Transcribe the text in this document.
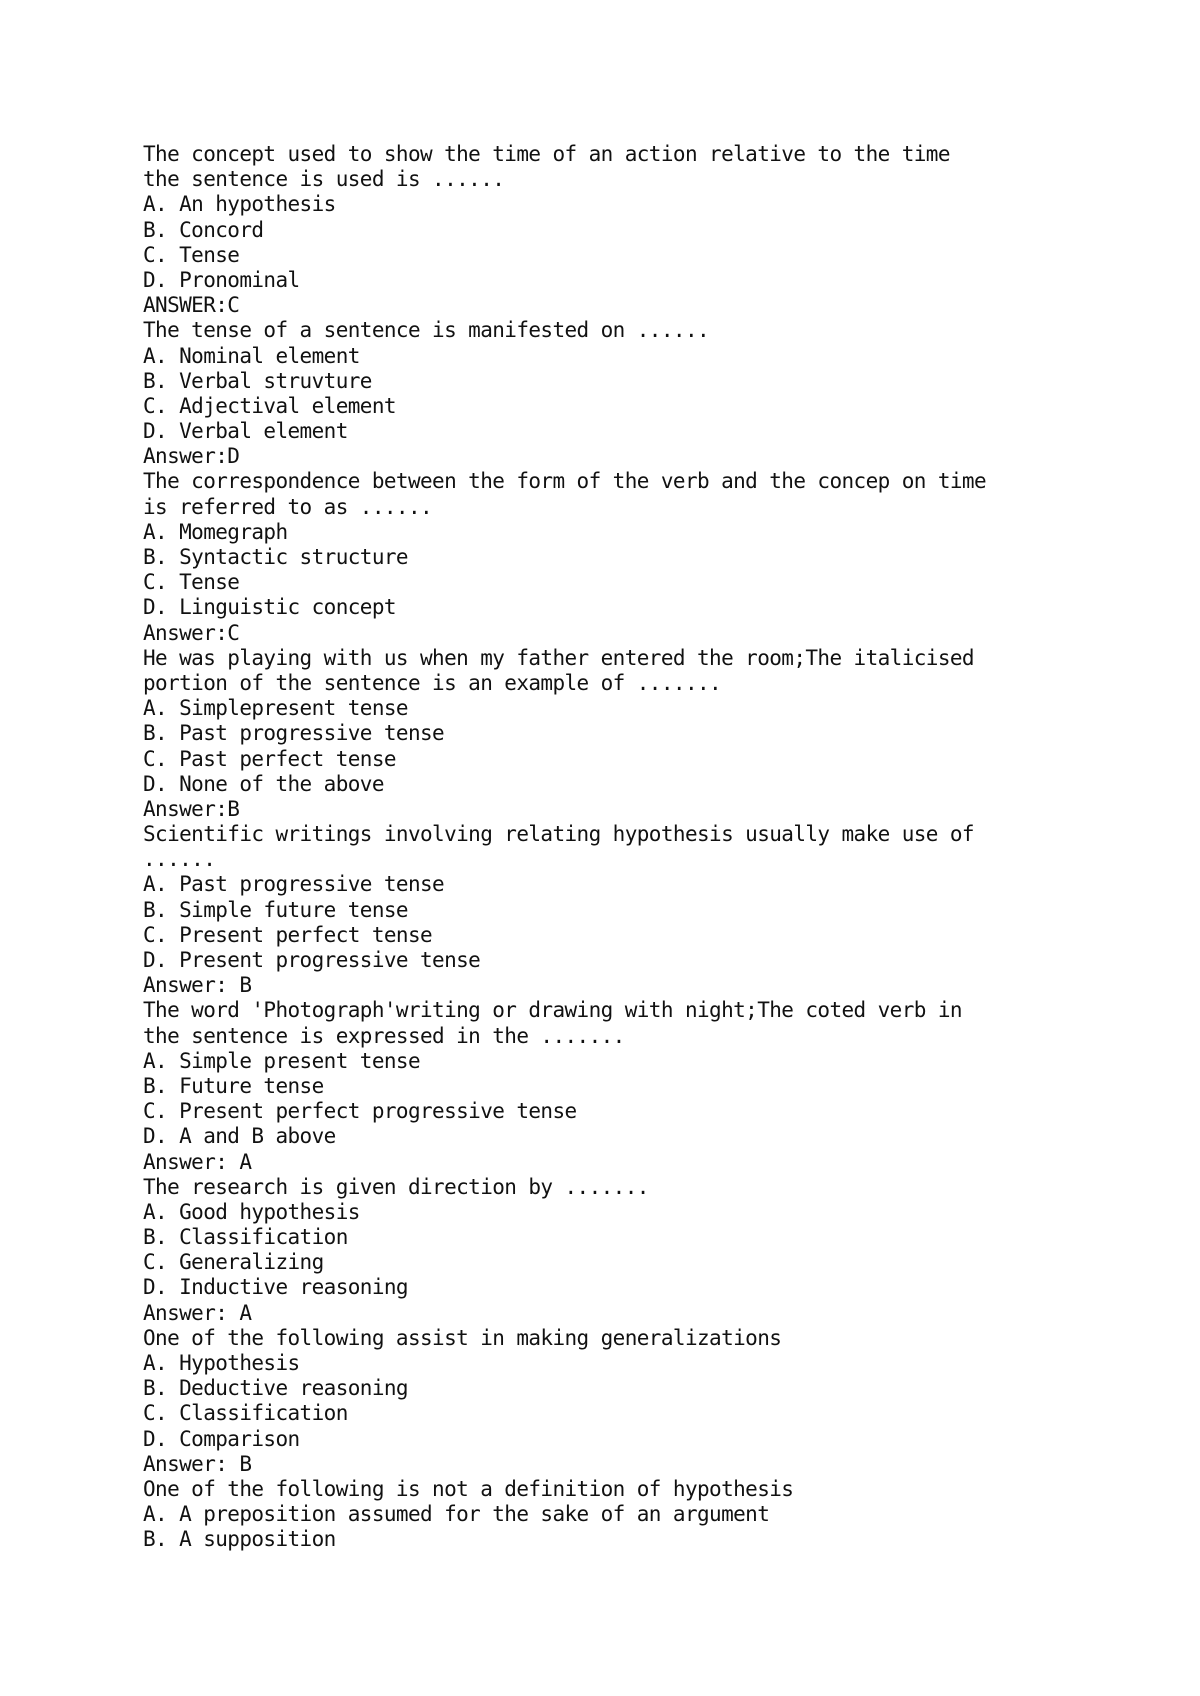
The concept used to show the time of an action relative to the time
the sentence is used is ......
A. An hypothesis
B. Concord
C. Tense
D. Pronominal
ANSWER:C
The tense of a sentence is manifested on ......
A. Nominal element
B. Verbal struvture
C. Adjectival element
D. Verbal element
Answer:D
The correspondence between the form of the verb and the concep on time
is referred to as ......
A. Momegraph
B. Syntactic structure
C. Tense
D. Linguistic concept
Answer:C
He was playing with us when my father entered the room;The italicised
portion of the sentence is an example of .......
A. Simplepresent tense
B. Past progressive tense
C. Past perfect tense
D. None of the above
Answer:B
Scientific writings involving relating hypothesis usually make use of
......
A. Past progressive tense
B. Simple future tense
C. Present perfect tense
D. Present progressive tense
Answer: B
The word 'Photograph'writing or drawing with night;The coted verb in
the sentence is expressed in the .......
A. Simple present tense
B. Future tense
C. Present perfect progressive tense
D. A and B above
Answer: A
The research is given direction by .......
A. Good hypothesis
B. Classification
C. Generalizing
D. Inductive reasoning
Answer: A
One of the following assist in making generalizations
A. Hypothesis
B. Deductive reasoning
C. Classification
D. Comparison
Answer: B
One of the following is not a definition of hypothesis
A. A preposition assumed for the sake of an argument
B. A supposition
